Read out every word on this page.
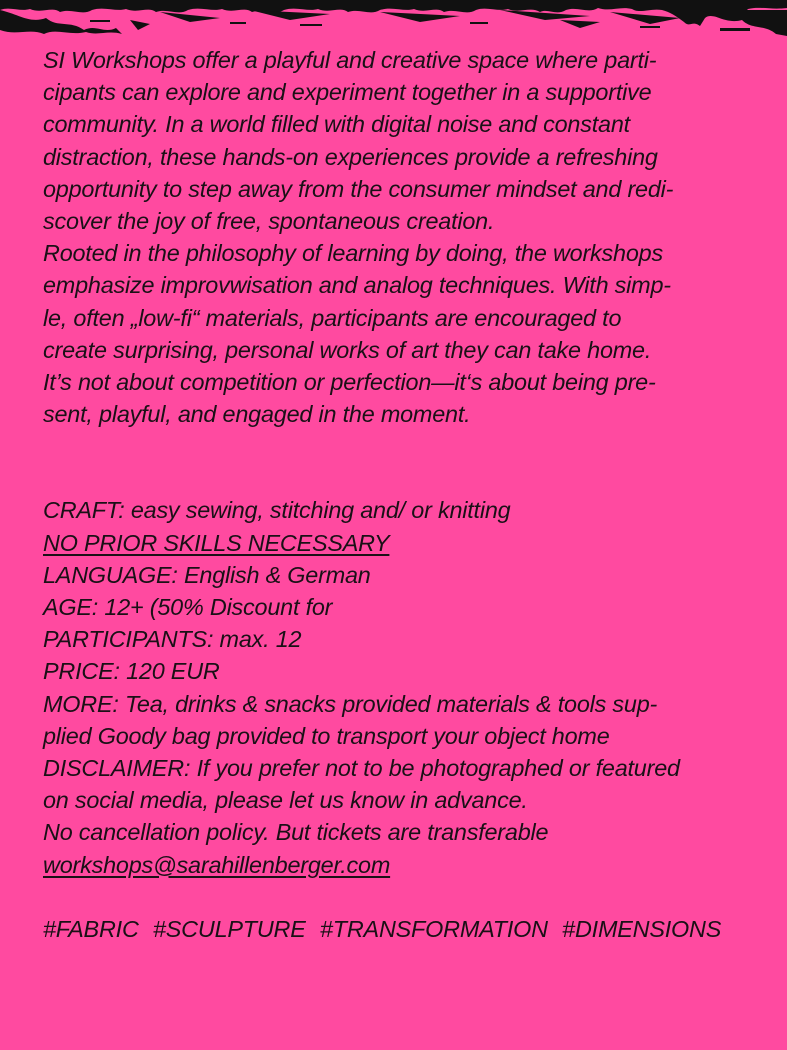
SI Workshops offer a playful and creative space where parti-
cipants can explore and experiment together in a supportive
community. In a world filled with digital noise and constant
distraction, these hands-on experiences provide a refreshing
opportunity to step away from the consumer mindset and redi-
scover the joy of free, spontaneous creation.
Rooted in the philosophy of learning by doing, the workshops
emphasize improvwisation and analog techniques. With simp-
le, often „low-fi“ materials, participants are encouraged to
create surprising, personal works of art they can take home.
It’s not about competition or perfection—it‘s about being pre-
sent, playful, and engaged in the moment.
CRAFT: easy sewing, stitching and/ or knitting
NO PRIOR SKILLS NECESSARY
LANGUAGE: English & German
AGE: 12+ (50% Discount for
PARTICIPANTS: max. 12
PRICE: 120 EUR
MORE: Tea, drinks & snacks provided materials & tools sup-
plied Goody bag provided to transport your object home
DISCLAIMER: If you prefer not to be photographed or featured
on social media, please let us know in advance.
No cancellation policy. But tickets are transferable
workshops@sarahillenberger.com
#FABRIC #SCULPTURE #TRANSFORMATION #DIMENSIONS
